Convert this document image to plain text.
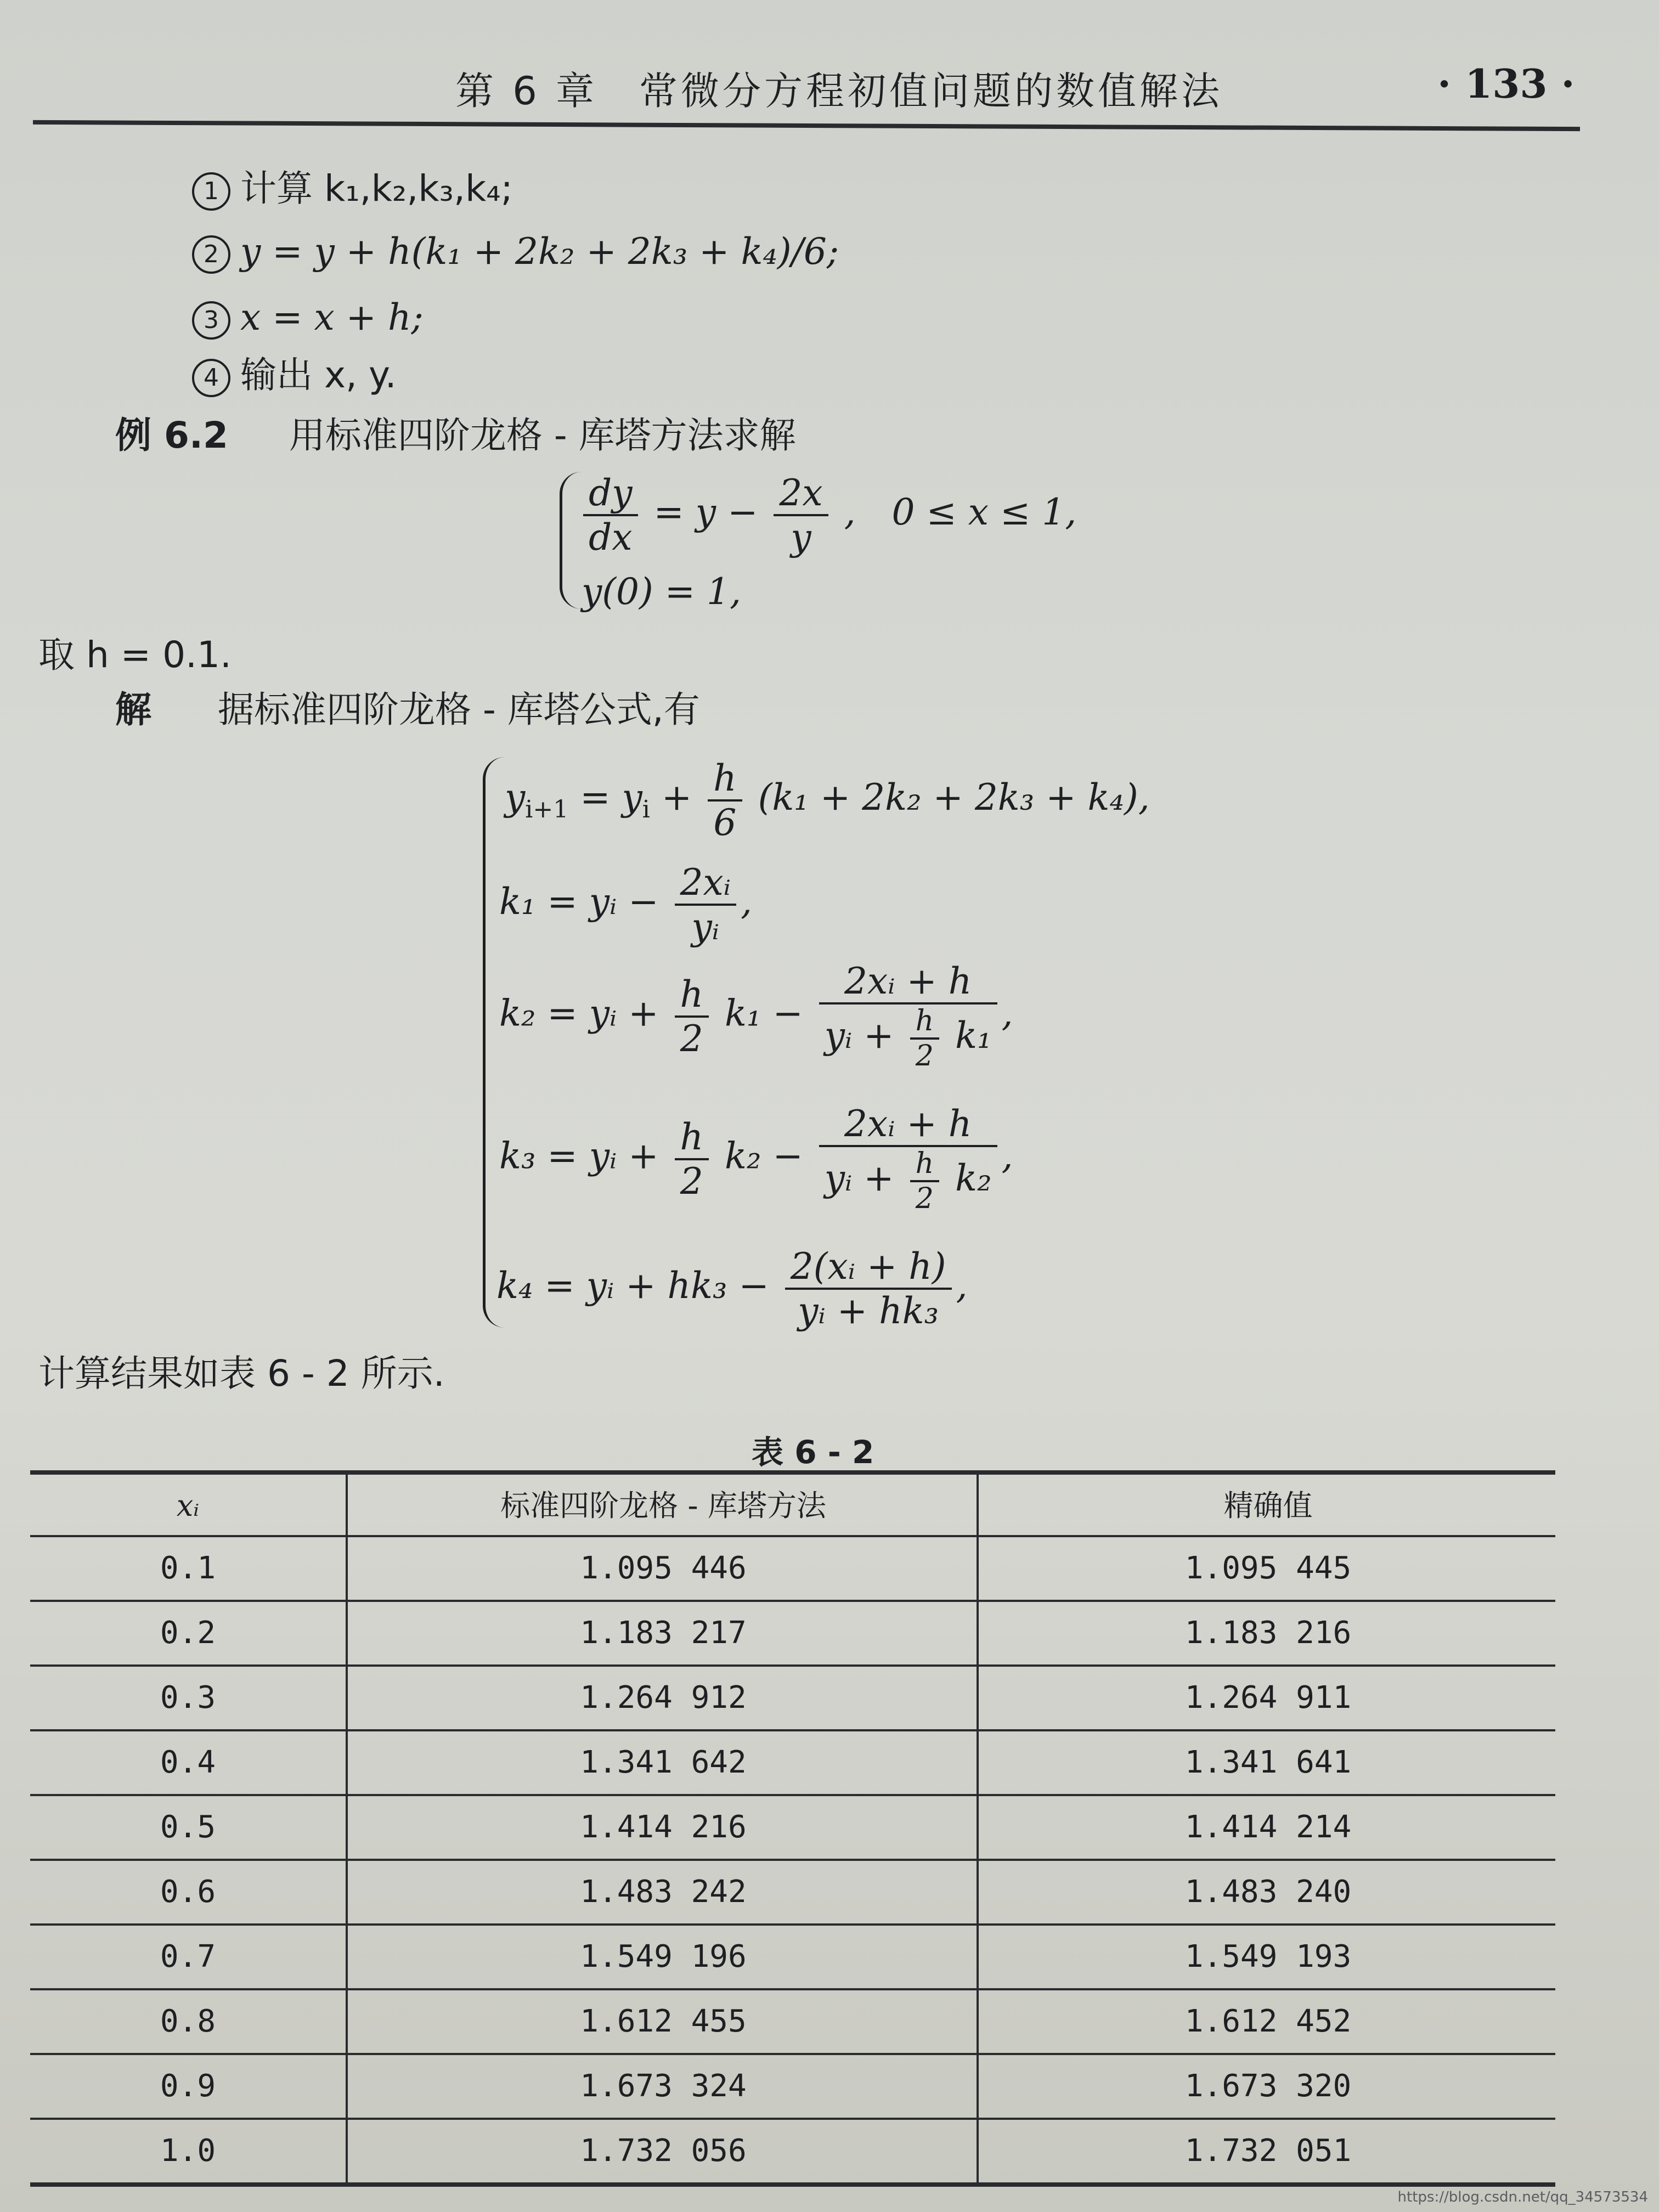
第 6 章　常微分方程初值问题的数值解法	· 133 ·
1 计算 k₁,k₂,k₃,k₄;
2 y = y + h(k₁ + 2k₂ + 2k₃ + k₄)/6;
3 x = x + h;
4 输出 x, y.
例 6.2 用标准四阶龙格 - 库塔方法求解
$\frac{dy}{dx} = y - \frac{2x}{y}$ ,　0 ≤ x ≤ 1,
y(0) = 1,
取 h = 0.1.
解 据标准四阶龙格 - 库塔公式,有
$y_{i+1} = y_i + \frac{h}{6} (k_1 + 2k_2 + 2k_3 + k_4)$,
k₁ = yᵢ − $\frac{\text{2xᵢ}}{\text{yᵢ}}$ ,
k₂ = yᵢ + $\frac{h}{2} k_1 - \frac{\text{2xᵢ + h}}{yᵢ + \frac{h}{2} k_1}$ ,
k₃ = yᵢ + $\frac{h}{2} k_2 - \frac{\text{2xᵢ + h}}{yᵢ + \frac{h}{2} k_2}$ ,
k₄ = yᵢ + $hk_3 - \frac{\text{2(xᵢ + h)}}{\text{yᵢ + hk₃}}$ ,
计算结果如表 6 - 2 所示.
表 6 - 2
xᵢ	标准四阶龙格 - 库塔方法	精确值
0.1	1.095 446	1.095 445
0.2	1.183 217	1.183 216
0.3	1.264 912	1.264 911
0.4	1.341 642	1.341 641
0.5	1.414 216	1.414 214
0.6	1.483 242	1.483 240
0.7	1.549 196	1.549 193
0.8	1.612 455	1.612 452
0.9	1.673 324	1.673 320
1.0	1.732 056	1.732 051
https://blog.csdn.net/qq_34573534
